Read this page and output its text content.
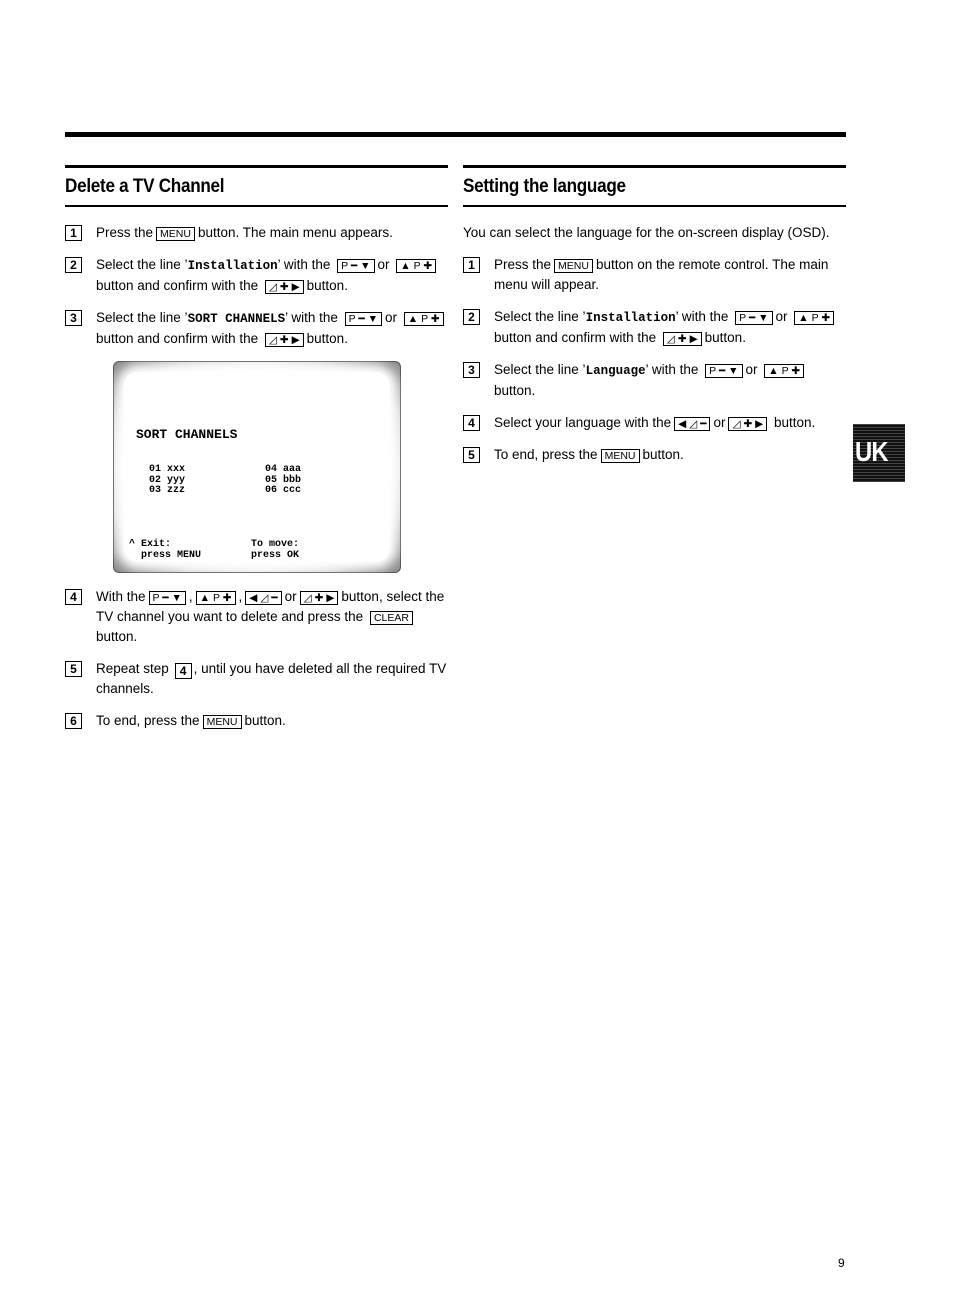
Delete a TV Channel
1	Press the MENU button. The main menu appears.
2	Select the line ’Installation’ with the P ━ ▼ or ▲ P ✚button and confirm with the ◿ ✚ ▶ button.
3	Select the line ’SORT CHANNELS’ with the P ━ ▼ or ▲ P ✚button and confirm with the ◿ ✚ ▶ button.
SORT CHANNELS
01 xxx
02 yyy
03 zzz
04 aaa
05 bbb
06 ccc
^ Exit:
press MENU
To move:
press OK
4	With the P ━ ▼ , ▲ P ✚ , ◀ ◿ ━ or ◿ ✚ ▶ button, select the TV channel you want to delete and press the CLEARbutton.
5	Repeat step 4 , until you have deleted all the required TV channels.
6	To end, press the MENU button.
Setting the language
You can select the language for the on-screen display (OSD).
1	Press the MENU button on the remote control. The main menu will appear.
2	Select the line ’Installation’ with the P ━ ▼ or ▲ P ✚button and confirm with the ◿ ✚ ▶ button.
3	Select the line ’Language’ with the P ━ ▼ or ▲ P ✚button.
4	Select your language with the ◀ ◿ ━ or ◿ ✚ ▶ button.
5	To end, press the MENU button.	UK
9
